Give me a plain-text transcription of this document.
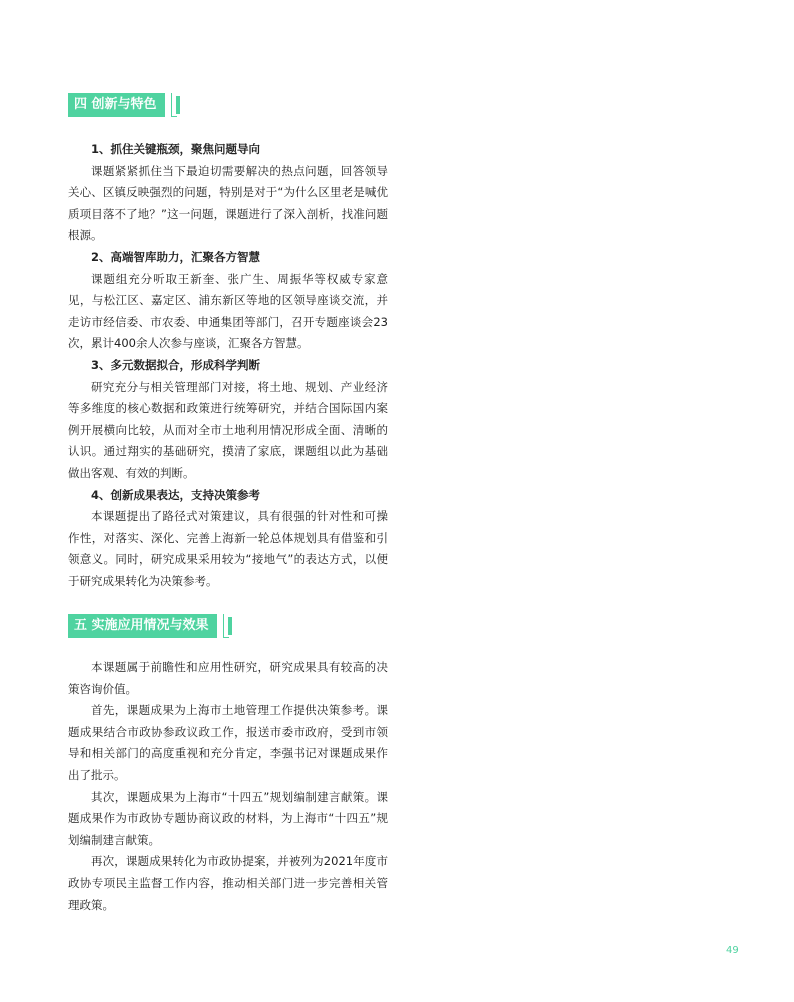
四 创新与特色
1、抓住关键瓶颈，聚焦问题导向

课题紧紧抓住当下最迫切需要解决的热点问题，回答领导关心、区镇反映强烈的问题，特别是对于“为什么区里老是喊优质项目落不了地？”这一问题，课题进行了深入剖析，找准问题根源。

2、高端智库助力，汇聚各方智慧

课题组充分听取王新奎、张广生、周振华等权威专家意见，与松江区、嘉定区、浦东新区等地的区领导座谈交流，并走访市经信委、市农委、申通集团等部门，召开专题座谈会23次，累计400余人次参与座谈，汇聚各方智慧。

3、多元数据拟合，形成科学判断

研究充分与相关管理部门对接，将土地、规划、产业经济等多维度的核心数据和政策进行统筹研究，并结合国际国内案例开展横向比较，从而对全市土地利用情况形成全面、清晰的认识。通过翔实的基础研究，摸清了家底，课题组以此为基础做出客观、有效的判断。

4、创新成果表达，支持决策参考

本课题提出了路径式对策建议，具有很强的针对性和可操作性，对落实、深化、完善上海新一轮总体规划具有借鉴和引领意义。同时，研究成果采用较为“接地气”的表达方式，以便于研究成果转化为决策参考。

五 实施应用情况与效果

本课题属于前瞻性和应用性研究，研究成果具有较高的决策咨询价值。

首先，课题成果为上海市土地管理工作提供决策参考。课题成果结合市政协参政议政工作，报送市委市政府，受到市领导和相关部门的高度重视和充分肯定，李强书记对课题成果作出了批示。

其次，课题成果为上海市“十四五”规划编制建言献策。课题成果作为市政协专题协商议政的材料，为上海市“十四五”规划编制建言献策。

再次，课题成果转化为市政协提案，并被列为2021年度市政协专项民主监督工作内容，推动相关部门进一步完善相关管理政策。

49
